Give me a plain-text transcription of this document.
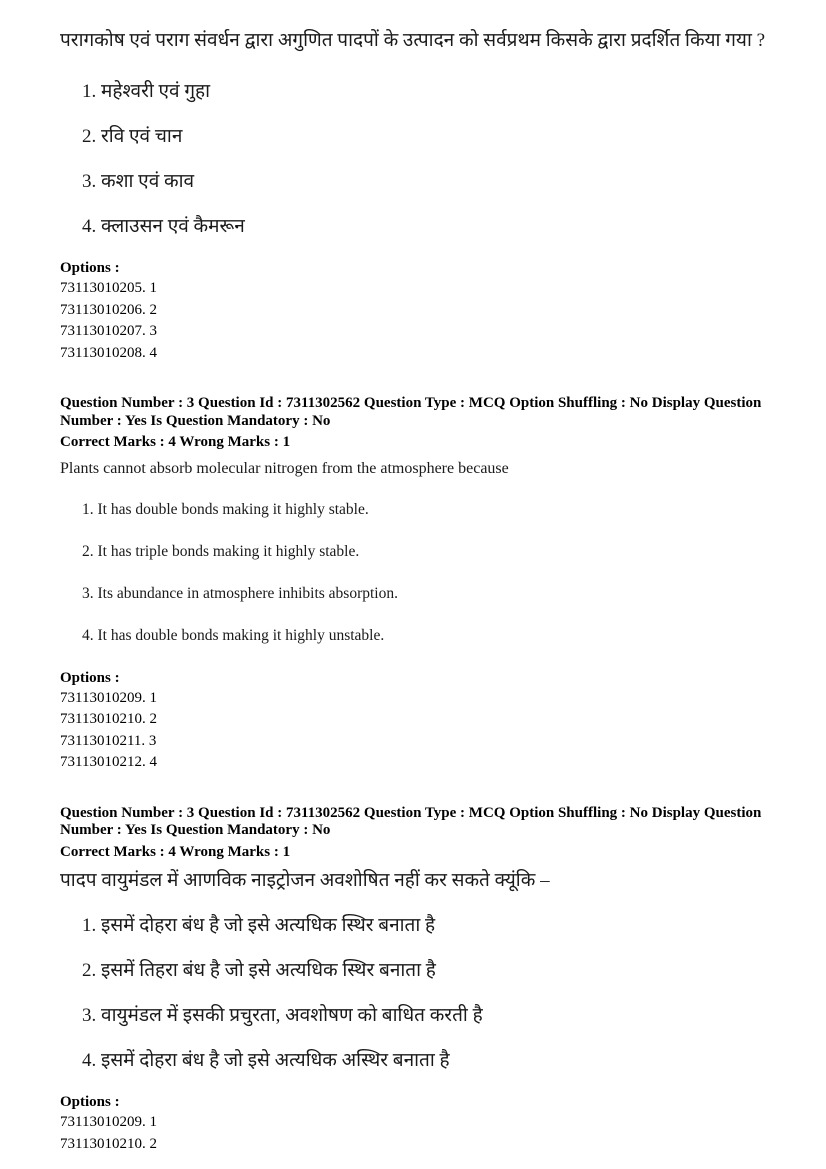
परागकोष एवं पराग संवर्धन द्वारा अगुणित पादपों के उत्पादन को सर्वप्रथम किसके द्वारा प्रदर्शित किया गया ?

1. महेश्वरी एवं गुहा
2. रवि एवं चान
3. कशा एवं काव
4. क्लाउसन एवं कैमरून
Options :
73113010205. 1
73113010206. 2
73113010207. 3
73113010208. 4

Question Number : 3 Question Id : 7311302562 Question Type : MCQ Option Shuffling : No Display Question Number : Yes Is Question Mandatory : No

Correct Marks : 4 Wrong Marks : 1

Plants cannot absorb molecular nitrogen from the atmosphere because

1. It has double bonds making it highly stable.
2. It has triple bonds making it highly stable.
3. Its abundance in atmosphere inhibits absorption.
4. It has double bonds making it highly unstable.
Options :
73113010209. 1
73113010210. 2
73113010211. 3
73113010212. 4

Question Number : 3 Question Id : 7311302562 Question Type : MCQ Option Shuffling : No Display Question Number : Yes Is Question Mandatory : No

Correct Marks : 4 Wrong Marks : 1

पादप वायुमंडल में आणविक नाइट्रोजन अवशोषित नहीं कर सकते क्यूंकि –

1. इसमें दोहरा बंध है जो इसे अत्यधिक स्थिर बनाता है
2. इसमें तिहरा बंध है जो इसे अत्यधिक स्थिर बनाता है
3. वायुमंडल में इसकी प्रचुरता, अवशोषण को बाधित करती है
4. इसमें दोहरा बंध है जो इसे अत्यधिक अस्थिर बनाता है
Options :
73113010209. 1
73113010210. 2
